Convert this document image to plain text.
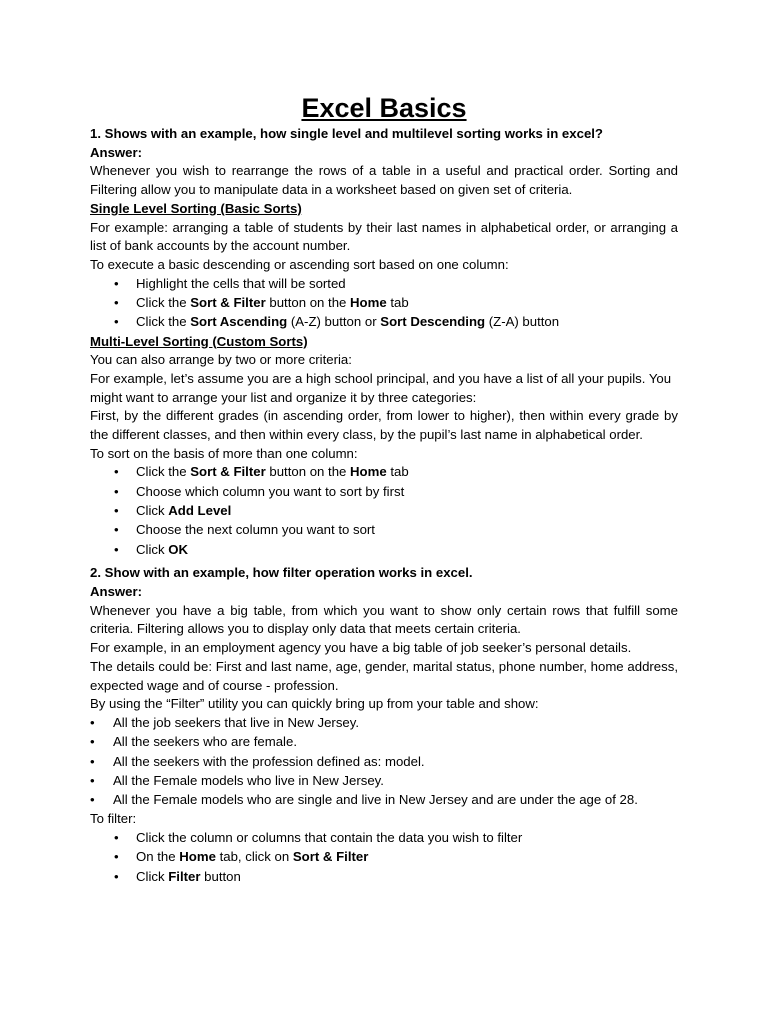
Excel Basics

1. Shows with an example, how single level and multilevel sorting works in excel?

Answer:

Whenever you wish to rearrange the rows of a table in a useful and practical order. Sorting and Filtering allow you to manipulate data in a worksheet based on given set of criteria.

Single Level Sorting (Basic Sorts)

For example: arranging a table of students by their last names in alphabetical order, or arranging a list of bank accounts by the account number.

To execute a basic descending or ascending sort based on one column:

• Highlight the cells that will be sorted
• Click the Sort & Filter button on the Home tab
• Click the Sort Ascending (A-Z) button or Sort Descending (Z-A) button

Multi-Level Sorting (Custom Sorts)

You can also arrange by two or more criteria:

For example, let’s assume you are a high school principal, and you have a list of all your pupils. You might want to arrange your list and organize it by three categories:

First, by the different grades (in ascending order, from lower to higher), then within every grade by the different classes, and then within every class, by the pupil’s last name in alphabetical order.

To sort on the basis of more than one column:

• Click the Sort & Filter button on the Home tab
• Choose which column you want to sort by first
• Click Add Level
• Choose the next column you want to sort
• Click OK

2. Show with an example, how filter operation works in excel.

Answer:

Whenever you have a big table, from which you want to show only certain rows that fulfill some criteria. Filtering allows you to display only data that meets certain criteria.

For example, in an employment agency you have a big table of job seeker’s personal details.

The details could be: First and last name, age, gender, marital status, phone number, home address, expected wage and of course - profession.

By using the “Filter” utility you can quickly bring up from your table and show:

• All the job seekers that live in New Jersey.
• All the seekers who are female.
• All the seekers with the profession defined as: model.
• All the Female models who live in New Jersey.
• All the Female models who are single and live in New Jersey and are under the age of 28.

To filter:

• Click the column or columns that contain the data you wish to filter
• On the Home tab, click on Sort & Filter
• Click Filter button
